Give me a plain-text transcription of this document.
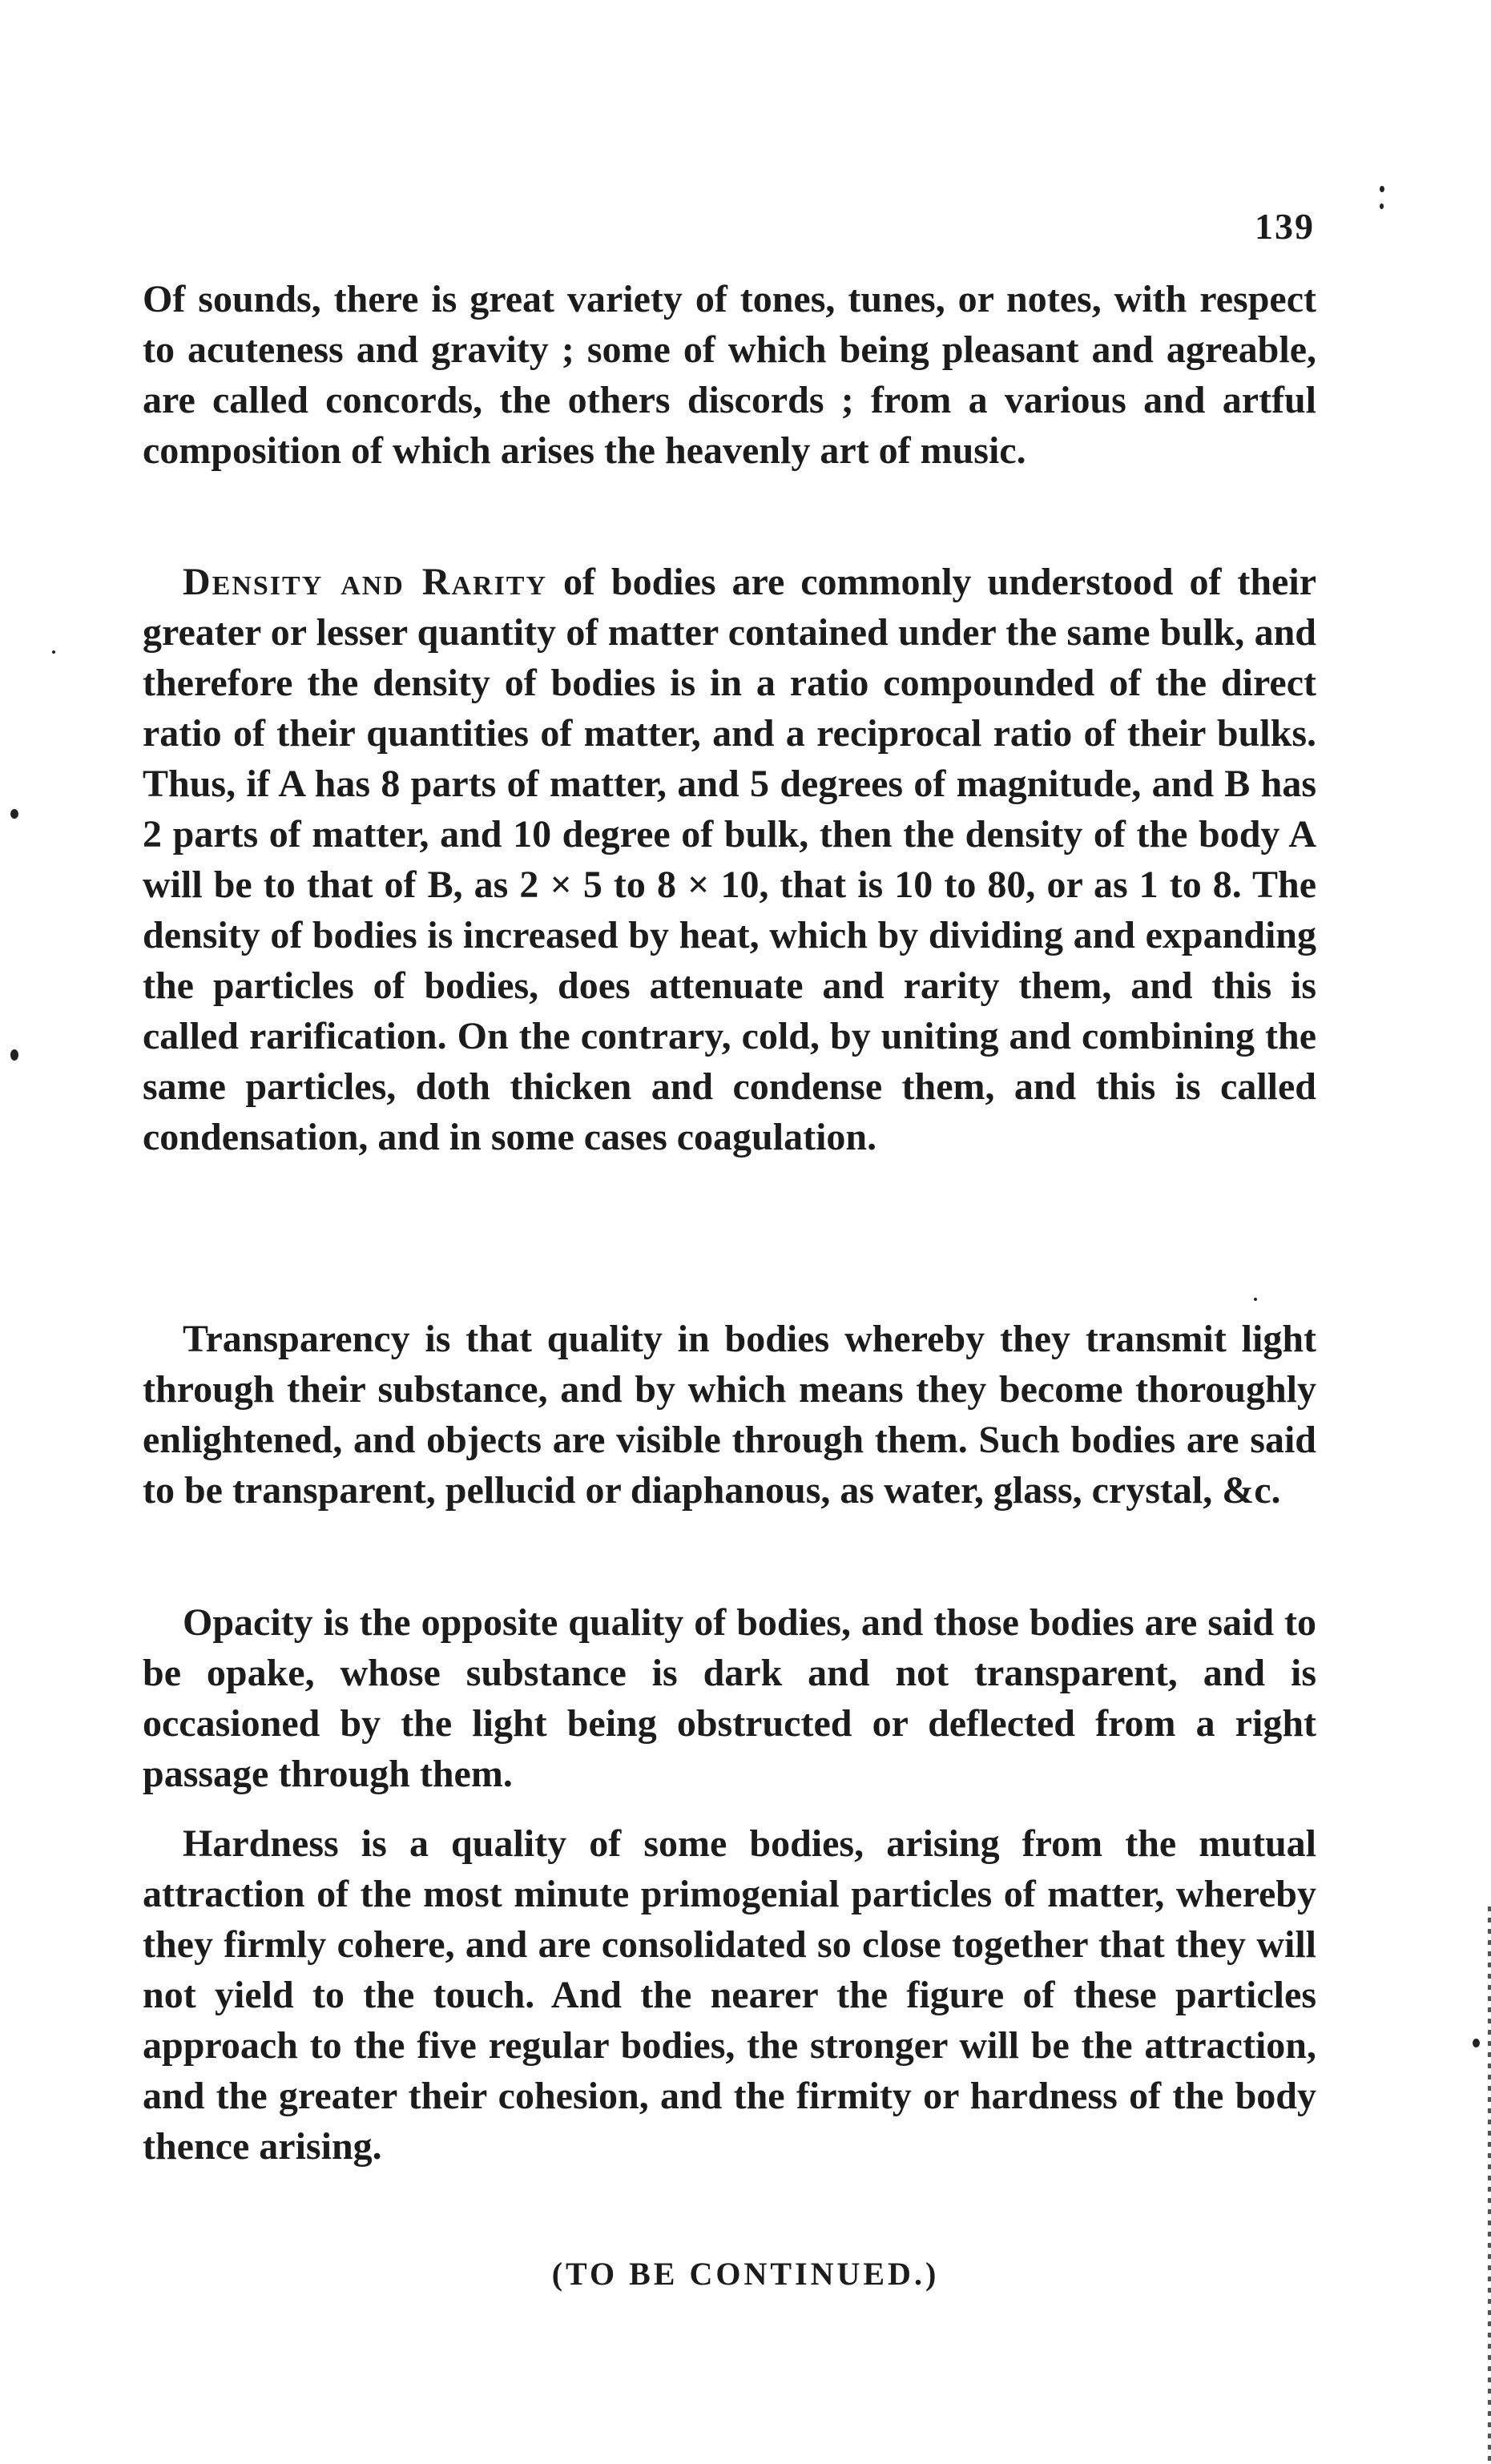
139

Of sounds, there is great variety of tones, tunes, or notes, with respect to acuteness and gravity ; some of which being pleasant and agreable, are called concords, the others discords ; from a various and artful composition of which arises the heavenly art of music.

Density and Rarity of bodies are commonly understood of their greater or lesser quantity of matter contained under the same bulk, and therefore the density of bodies is in a ratio compounded of the direct ratio of their quantities of matter, and a reciprocal ratio of their bulks. Thus, if A has 8 parts of matter, and 5 degrees of magnitude, and B has 2 parts of matter, and 10 degree of bulk, then the density of the body A will be to that of B, as 2 × 5 to 8 × 10, that is 10 to 80, or as 1 to 8. The density of bodies is increased by heat, which by dividing and expanding the particles of bodies, does attenuate and rarity them, and this is called rarification. On the contrary, cold, by uniting and combining the same particles, doth thicken and condense them, and this is called condensation, and in some cases coagulation.

Transparency is that quality in bodies whereby they transmit light through their substance, and by which means they become thoroughly enlightened, and objects are visible through them. Such bodies are said to be transparent, pellucid or diaphanous, as water, glass, crystal, &c.

Opacity is the opposite quality of bodies, and those bodies are said to be opake, whose substance is dark and not transparent, and is occasioned by the light being obstructed or deflected from a right passage through them.

Hardness is a quality of some bodies, arising from the mutual attraction of the most minute primogenial particles of matter, whereby they firmly cohere, and are consolidated so close together that they will not yield to the touch. And the nearer the figure of these particles approach to the five regular bodies, the stronger will be the attraction, and the greater their cohesion, and the firmity or hardness of the body thence arising.

(TO BE CONTINUED.)
